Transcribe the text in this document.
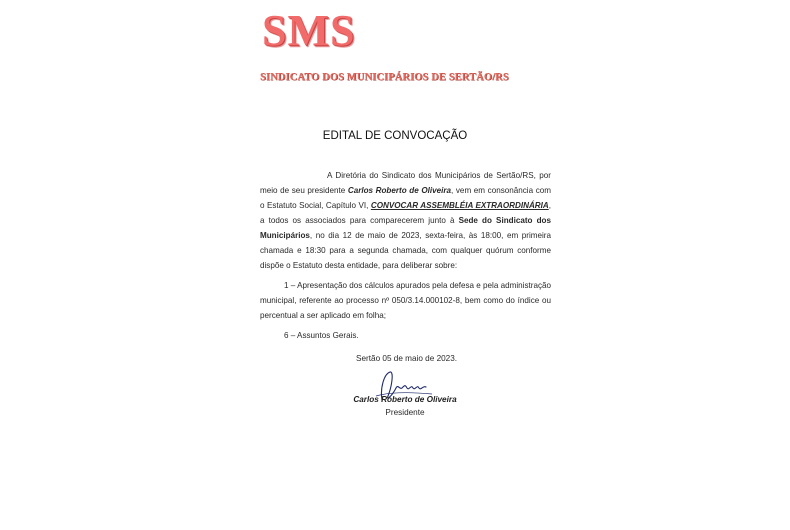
SMS
SINDICATO DOS MUNICIPÁRIOS DE SERTÃO/RS
EDITAL DE CONVOCAÇÃO

A Diretória do Sindicato dos Municipários de Sertão/RS, por meio de seu presidente Carlos Roberto de Oliveira, vem em consonância com o Estatuto Social, Capítulo VI, CONVOCAR ASSEMBLÉIA EXTRAORDINÁRIA, a todos os associados para comparecerem junto à Sede do Sindicato dos Municipários, no dia 12 de maio de 2023, sexta-feira, às 18:00, em primeira chamada e 18:30 para a segunda chamada, com qualquer quórum conforme dispõe o Estatuto desta entidade, para deliberar sobre:

1 – Apresentação dos cálculos apurados pela defesa e pela administração municipal, referente ao processo nº 050/3.14.000102-8, bem como do índice ou percentual a ser aplicado em folha;

6 – Assuntos Gerais.

Sertão 05 de maio de 2023.
Carlos Roberto de Oliveira
Presidente
